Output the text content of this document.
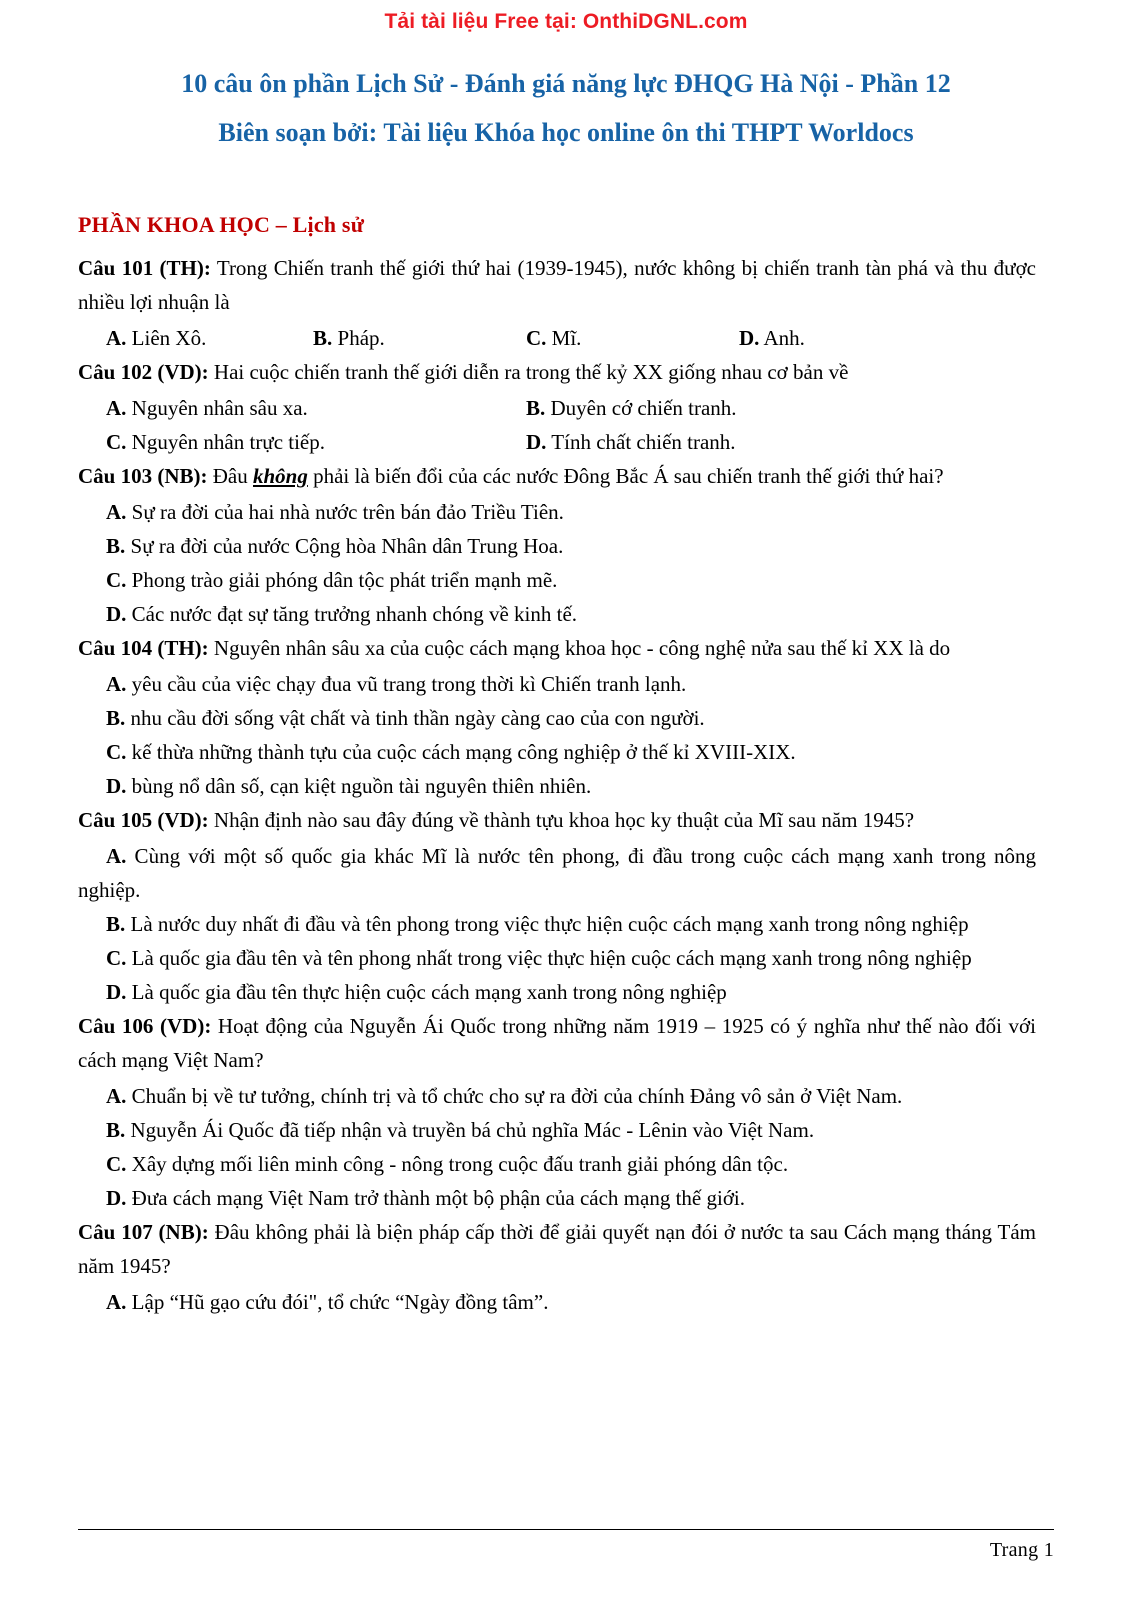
Tải tài liệu Free tại: OnthiDGNL.com
10 câu ôn phần Lịch Sử - Đánh giá năng lực ĐHQG Hà Nội - Phần 12
Biên soạn bởi: Tài liệu Khóa học online ôn thi THPT Worldocs
PHẦN KHOA HỌC – Lịch sử
Câu 101 (TH): Trong Chiến tranh thế giới thứ hai (1939-1945), nước không bị chiến tranh tàn phá và thu được nhiều lợi nhuận là
A. Liên Xô.	B. Pháp.	C. Mĩ.	D. Anh.
Câu 102 (VD): Hai cuộc chiến tranh thế giới diễn ra trong thế kỷ XX giống nhau cơ bản về
A. Nguyên nhân sâu xa.	B. Duyên cớ chiến tranh.
C. Nguyên nhân trực tiếp.	D. Tính chất chiến tranh.
Câu 103 (NB): Đâu không phải là biến đổi của các nước Đông Bắc Á sau chiến tranh thế giới thứ hai?
A. Sự ra đời của hai nhà nước trên bán đảo Triều Tiên.
B. Sự ra đời của nước Cộng hòa Nhân dân Trung Hoa.
C. Phong trào giải phóng dân tộc phát triển mạnh mẽ.
D. Các nước đạt sự tăng trưởng nhanh chóng về kinh tế.
Câu 104 (TH): Nguyên nhân sâu xa của cuộc cách mạng khoa học - công nghệ nửa sau thế kỉ XX là do
A. yêu cầu của việc chạy đua vũ trang trong thời kì Chiến tranh lạnh.
B. nhu cầu đời sống vật chất và tinh thần ngày càng cao của con người.
C. kế thừa những thành tựu của cuộc cách mạng công nghiệp ở thế kỉ XVIII-XIX.
D. bùng nổ dân số, cạn kiệt nguồn tài nguyên thiên nhiên.
Câu 105 (VD): Nhận định nào sau đây đúng về thành tựu khoa học ky thuật của Mĩ sau năm 1945?
A. Cùng với một số quốc gia khác Mĩ là nước tên phong, đi đầu trong cuộc cách mạng xanh trong nông nghiệp.
B. Là nước duy nhất đi đầu và tên phong trong việc thực hiện cuộc cách mạng xanh trong nông nghiệp
C. Là quốc gia đầu tên và tên phong nhất trong việc thực hiện cuộc cách mạng xanh trong nông nghiệp
D. Là quốc gia đầu tên thực hiện cuộc cách mạng xanh trong nông nghiệp
Câu 106 (VD): Hoạt động của Nguyễn Ái Quốc trong những năm 1919 – 1925 có ý nghĩa như thế nào đối với cách mạng Việt Nam?
A. Chuẩn bị về tư tưởng, chính trị và tổ chức cho sự ra đời của chính Đảng vô sản ở Việt Nam.
B. Nguyễn Ái Quốc đã tiếp nhận và truyền bá chủ nghĩa Mác - Lênin vào Việt Nam.
C. Xây dựng mối liên minh công - nông trong cuộc đấu tranh giải phóng dân tộc.
D. Đưa cách mạng Việt Nam trở thành một bộ phận của cách mạng thế giới.
Câu 107 (NB): Đâu không phải là biện pháp cấp thời để giải quyết nạn đói ở nước ta sau Cách mạng tháng Tám năm 1945?
A. Lập “Hũ gạo cứu đói", tổ chức “Ngày đồng tâm”.
Trang 1
